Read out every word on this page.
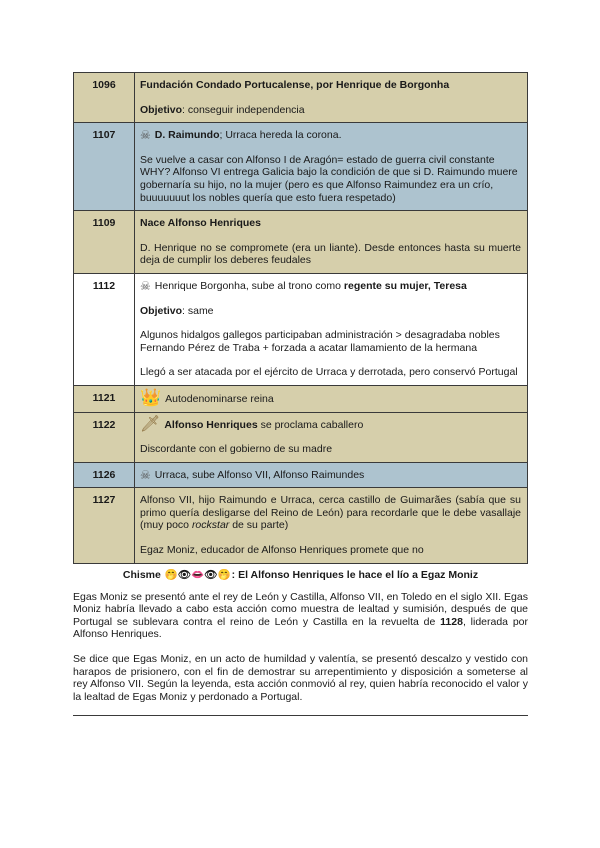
1096	Fundación Condado Portucalense, por Henrique de Borgonha

Objetivo: conseguir independencia

1107	☠ D. Raimundo; Urraca hereda la corona.

Se vuelve a casar con Alfonso I de Aragón= estado de guerra civil constante WHY? Alfonso VI entrega Galicia bajo la condición de que si D. Raimundo muere gobernaría su hijo, no la mujer (pero es que Alfonso Raimundez era un crío, buuuuuuut los nobles quería que esto fuera respetado)

1109	Nace Alfonso Henriques

D. Henrique no se compromete (era un liante). Desde entonces hasta su muerte deja de cumplir los deberes feudales

1112	☠ Henrique Borgonha, sube al trono como regente su mujer, Teresa

Objetivo: same

Algunos hidalgos gallegos participaban administración > desagradaba nobles Fernando Pérez de Traba + forzada a acatar llamamiento de la hermana

Llegó a ser atacada por el ejército de Urraca y derrotada, pero conservó Portugal

1121	👑 Autodenominarse reina

1122	🗡 Alfonso Henriques se proclama caballero

Discordante con el gobierno de su madre

1126	☠ Urraca, sube Alfonso VII, Alfonso Raimundes

1127	Alfonso VII, hijo Raimundo e Urraca, cerca castillo de Guimarães (sabía que su primo quería desligarse del Reino de León) para recordarle que le debe vasallaje (muy poco rockstar de su parte)

Egaz Moniz, educador de Alfonso Henriques promete que no

Chisme 🤭👁👄👁🤭: El Alfonso Henriques le hace el lío a Egaz Moniz

Egas Moniz se presentó ante el rey de León y Castilla, Alfonso VII, en Toledo en el siglo XII. Egas Moniz habría llevado a cabo esta acción como muestra de lealtad y sumisión, después de que Portugal se sublevara contra el reino de León y Castilla en la revuelta de 1128, liderada por Alfonso Henriques.

Se dice que Egas Moniz, en un acto de humildad y valentía, se presentó descalzo y vestido con harapos de prisionero, con el fin de demostrar su arrepentimiento y disposición a someterse al rey Alfonso VII. Según la leyenda, esta acción conmovió al rey, quien habría reconocido el valor y la lealtad de Egas Moniz y perdonado a Portugal.
